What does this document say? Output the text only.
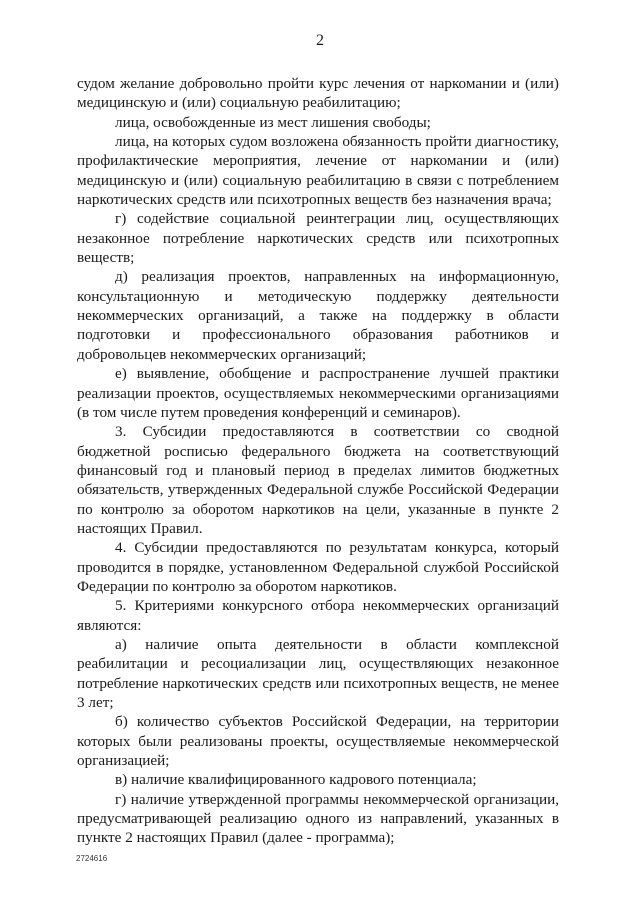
2

судом желание добровольно пройти курс лечения от наркомании и (или) медицинскую и (или) социальную реабилитацию;

лица, освобожденные из мест лишения свободы;

лица, на которых судом возложена обязанность пройти диагностику, профилактические мероприятия, лечение от наркомании и (или) медицинскую и (или) социальную реабилитацию в связи с потреблением наркотических средств или психотропных веществ без назначения врача;

г) содействие социальной реинтеграции лиц, осуществляющих незаконное потребление наркотических средств или психотропных веществ;

д) реализация проектов, направленных на информационную, консультационную и методическую поддержку деятельности некоммерческих организаций, а также на поддержку в области подготовки и профессионального образования работников и добровольцев некоммерческих организаций;

е) выявление, обобщение и распространение лучшей практики реализации проектов, осуществляемых некоммерческими организациями (в том числе путем проведения конференций и семинаров).

3. Субсидии предоставляются в соответствии со сводной бюджетной росписью федерального бюджета на соответствующий финансовый год и плановый период в пределах лимитов бюджетных обязательств, утвержденных Федеральной службе Российской Федерации по контролю за оборотом наркотиков на цели, указанные в пункте 2 настоящих Правил.

4. Субсидии предоставляются по результатам конкурса, который проводится в порядке, установленном Федеральной службой Российской Федерации по контролю за оборотом наркотиков.

5. Критериями конкурсного отбора некоммерческих организаций являются:

а) наличие опыта деятельности в области комплексной реабилитации и ресоциализации лиц, осуществляющих незаконное потребление наркотических средств или психотропных веществ, не менее 3 лет;

б) количество субъектов Российской Федерации, на территории которых были реализованы проекты, осуществляемые некоммерческой организацией;

в) наличие квалифицированного кадрового потенциала;

г) наличие утвержденной программы некоммерческой организации, предусматривающей реализацию одного из направлений, указанных в пункте 2 настоящих Правил (далее - программа);

2724616
